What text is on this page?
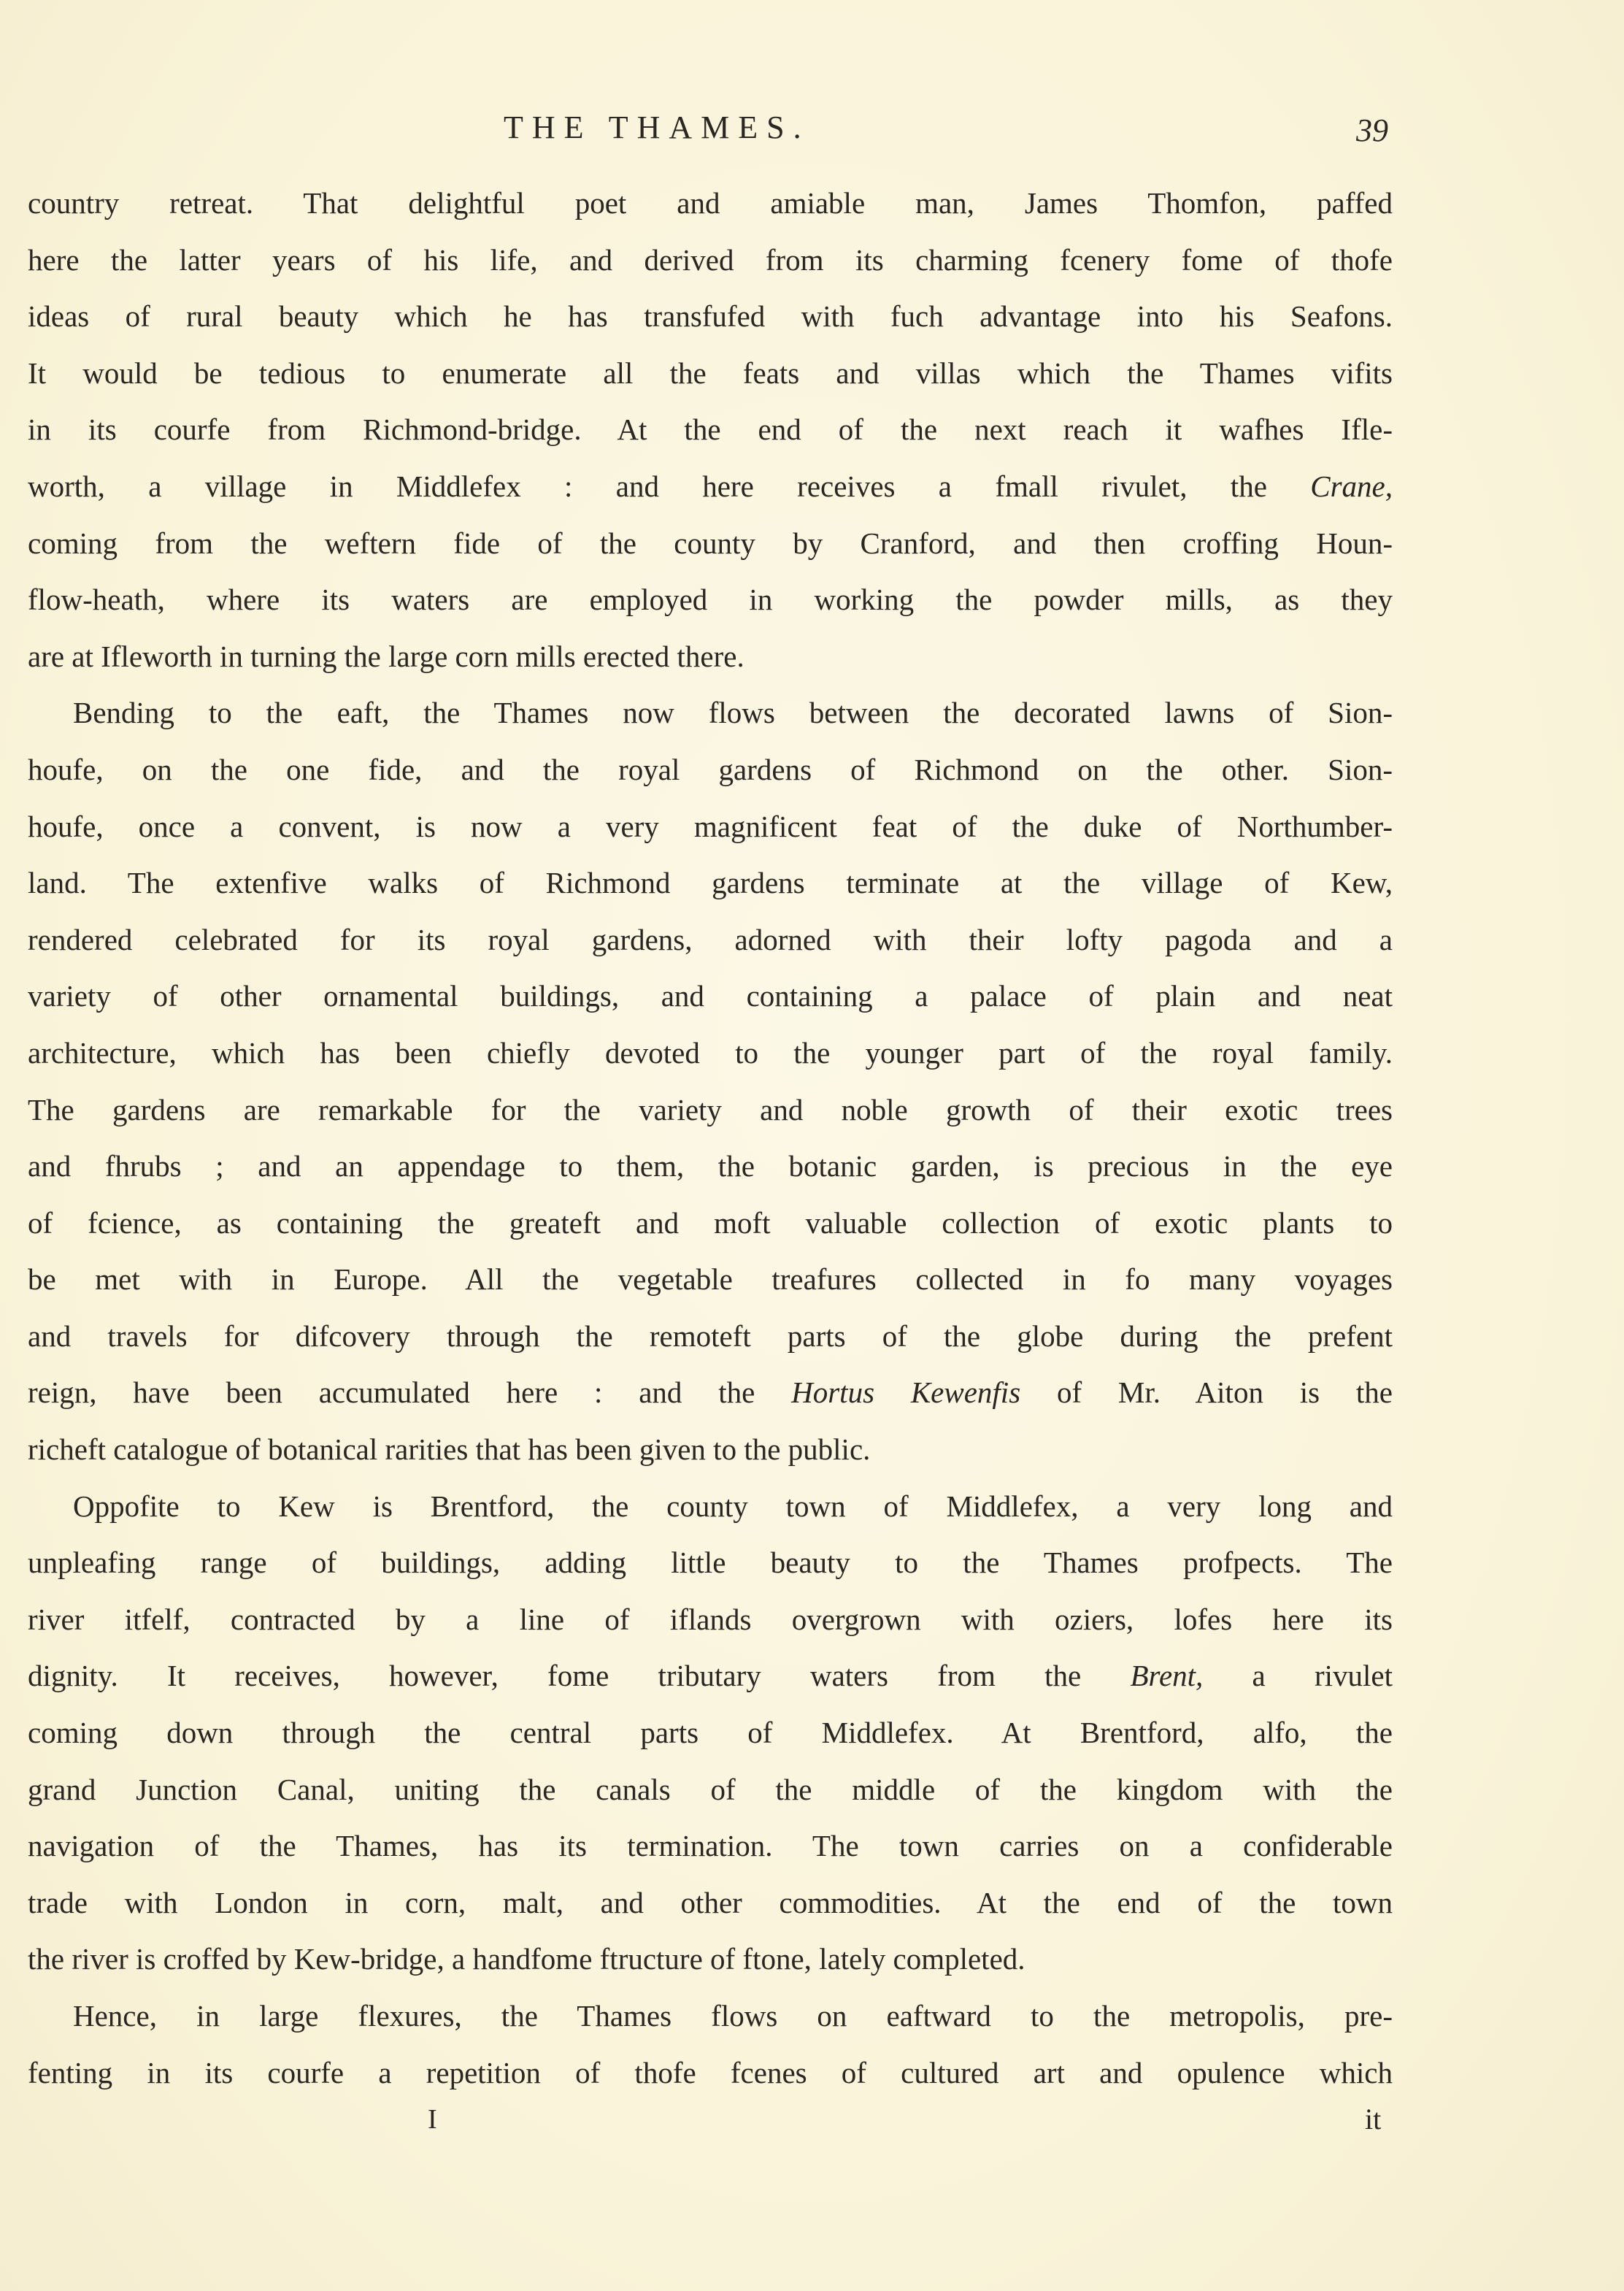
THE THAMES.	39
country retreat. That delightful poet and amiable man, James Thomfon, paffed
here the latter years of his life, and derived from its charming fcenery fome of thofe
ideas of rural beauty which he has transfufed with fuch advantage into his Seafons.
It would be tedious to enumerate all the feats and villas which the Thames vifits
in its courfe from Richmond-bridge. At the end of the next reach it wafhes Ifle-
worth, a village in Middlefex : and here receives a fmall rivulet, the Crane,
coming from the weftern fide of the county by Cranford, and then croffing Houn-
flow-heath, where its waters are employed in working the powder mills, as they
are at Ifleworth in turning the large corn mills erected there.
Bending to the eaft, the Thames now flows between the decorated lawns of Sion-
houfe, on the one fide, and the royal gardens of Richmond on the other. Sion-
houfe, once a convent, is now a very magnificent feat of the duke of Northumber-
land. The extenfive walks of Richmond gardens terminate at the village of Kew,
rendered celebrated for its royal gardens, adorned with their lofty pagoda and a
variety of other ornamental buildings, and containing a palace of plain and neat
architecture, which has been chiefly devoted to the younger part of the royal family.
The gardens are remarkable for the variety and noble growth of their exotic trees
and fhrubs ; and an appendage to them, the botanic garden, is precious in the eye
of fcience, as containing the greateft and moft valuable collection of exotic plants to
be met with in Europe. All the vegetable treafures collected in fo many voyages
and travels for difcovery through the remoteft parts of the globe during the prefent
reign, have been accumulated here : and the Hortus Kewenfis of Mr. Aiton is the
richeft catalogue of botanical rarities that has been given to the public.
Oppofite to Kew is Brentford, the county town of Middlefex, a very long and
unpleafing range of buildings, adding little beauty to the Thames profpects. The
river itfelf, contracted by a line of iflands overgrown with oziers, lofes here its
dignity. It receives, however, fome tributary waters from the Brent, a rivulet
coming down through the central parts of Middlefex. At Brentford, alfo, the
grand Junction Canal, uniting the canals of the middle of the kingdom with the
navigation of the Thames, has its termination. The town carries on a confiderable
trade with London in corn, malt, and other commodities. At the end of the town
the river is croffed by Kew-bridge, a handfome ftructure of ftone, lately completed.
Hence, in large flexures, the Thames flows on eaftward to the metropolis, pre-
fenting in its courfe a repetition of thofe fcenes of cultured art and opulence which
I	it
